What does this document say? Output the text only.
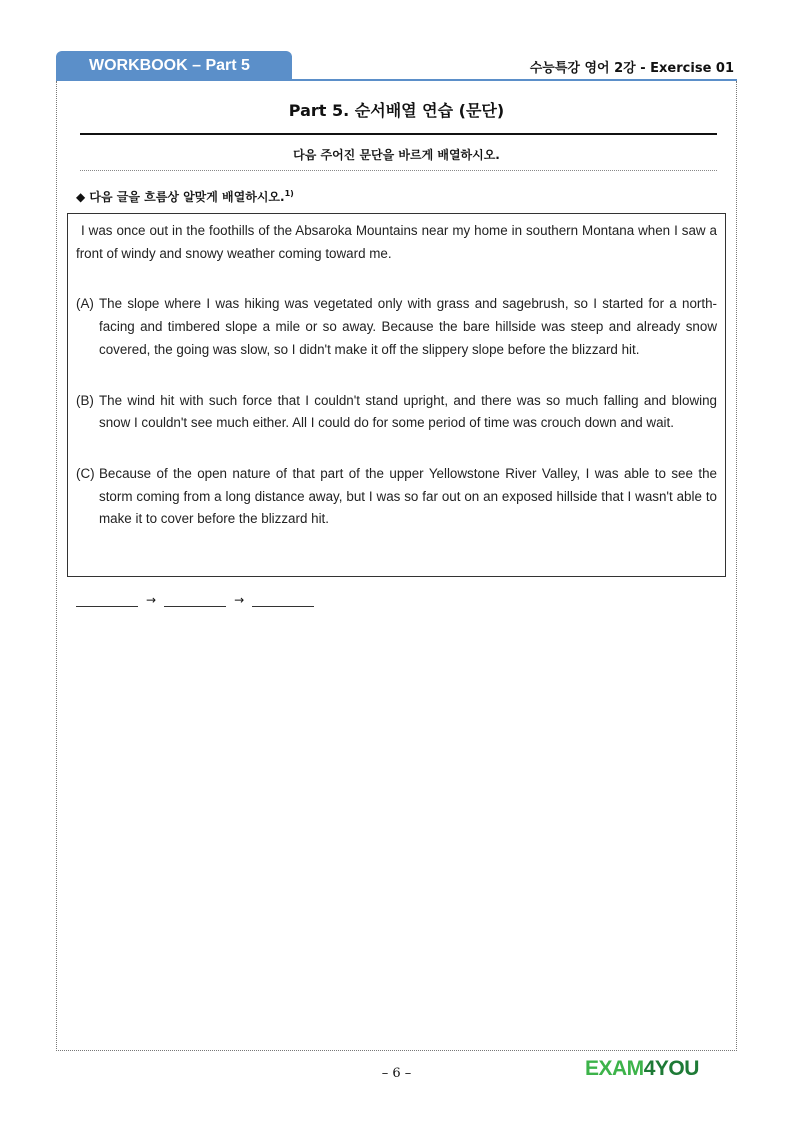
WORKBOOK – Part 5	수능특강 영어 2강 - Exercise 01
Part 5. 순서배열 연습 (문단)
다음 주어진 문단을 바르게 배열하시오.
◆ 다음 글을 흐름상 알맞게 배열하시오.$^{1)}$

I was once out in the foothills of the Absaroka Mountains near my home in southern Montana when I saw a front of windy and snowy weather coming toward me.

(A) The slope where I was hiking was vegetated only with grass and sagebrush, so I started for a north-facing and timbered slope a mile or so away. Because the bare hillside was steep and already snow covered, the going was slow, so I didn't make it off the slippery slope before the blizzard hit.
(B) The wind hit with such force that I couldn't stand upright, and there was so much falling and blowing snow I couldn't see much either. All I could do for some period of time was crouch down and wait.
(C) Because of the open nature of that part of the upper Yellowstone River Valley, I was able to see the storm coming from a long distance away, but I was so far out on an exposed hillside that I wasn't able to make it to cover before the blizzard hit.
→	→
– 6 –	EXAM4YOU
